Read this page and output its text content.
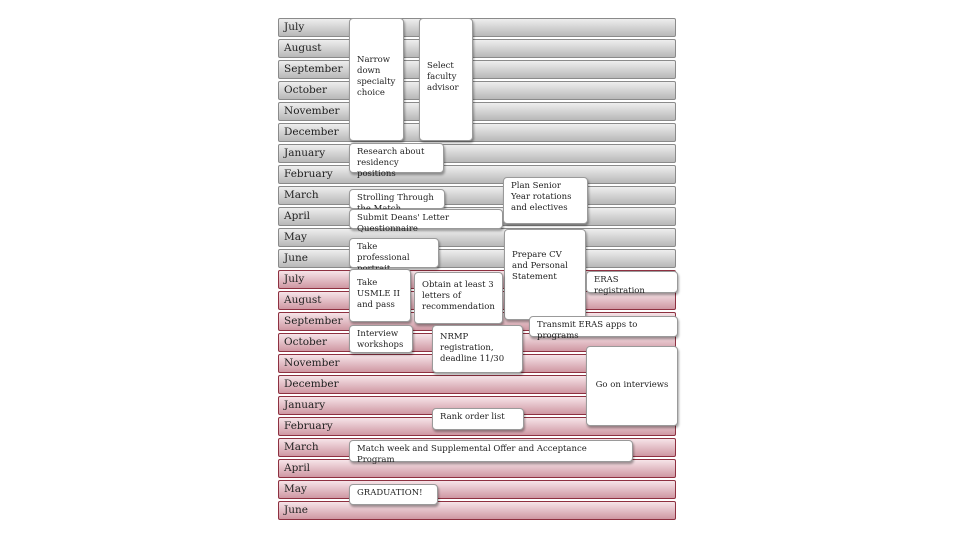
July
August
September
October
November
December
January
February
March
April
May
June
July
August
September
October
November
December
January
February
March
April
May
June
Narrow down specialty choice
Select faculty advisor
Research about residency positions
Strolling Through
Submit Deans' Letter Questionnaire
Plan Senior Year rotations and electives
Take professional	Prepare CV and Personal Statement
Take USMLE II and pass
Obtain at least 3 letters of recommendation
ERAS registration
Transmit ERAS apps to programs
Interview workshops
NRMP registration, deadline 11/30
Go on interviews
Rank order list
Match week and Supplemental Offer and Acceptance Program
GRADUATION!
